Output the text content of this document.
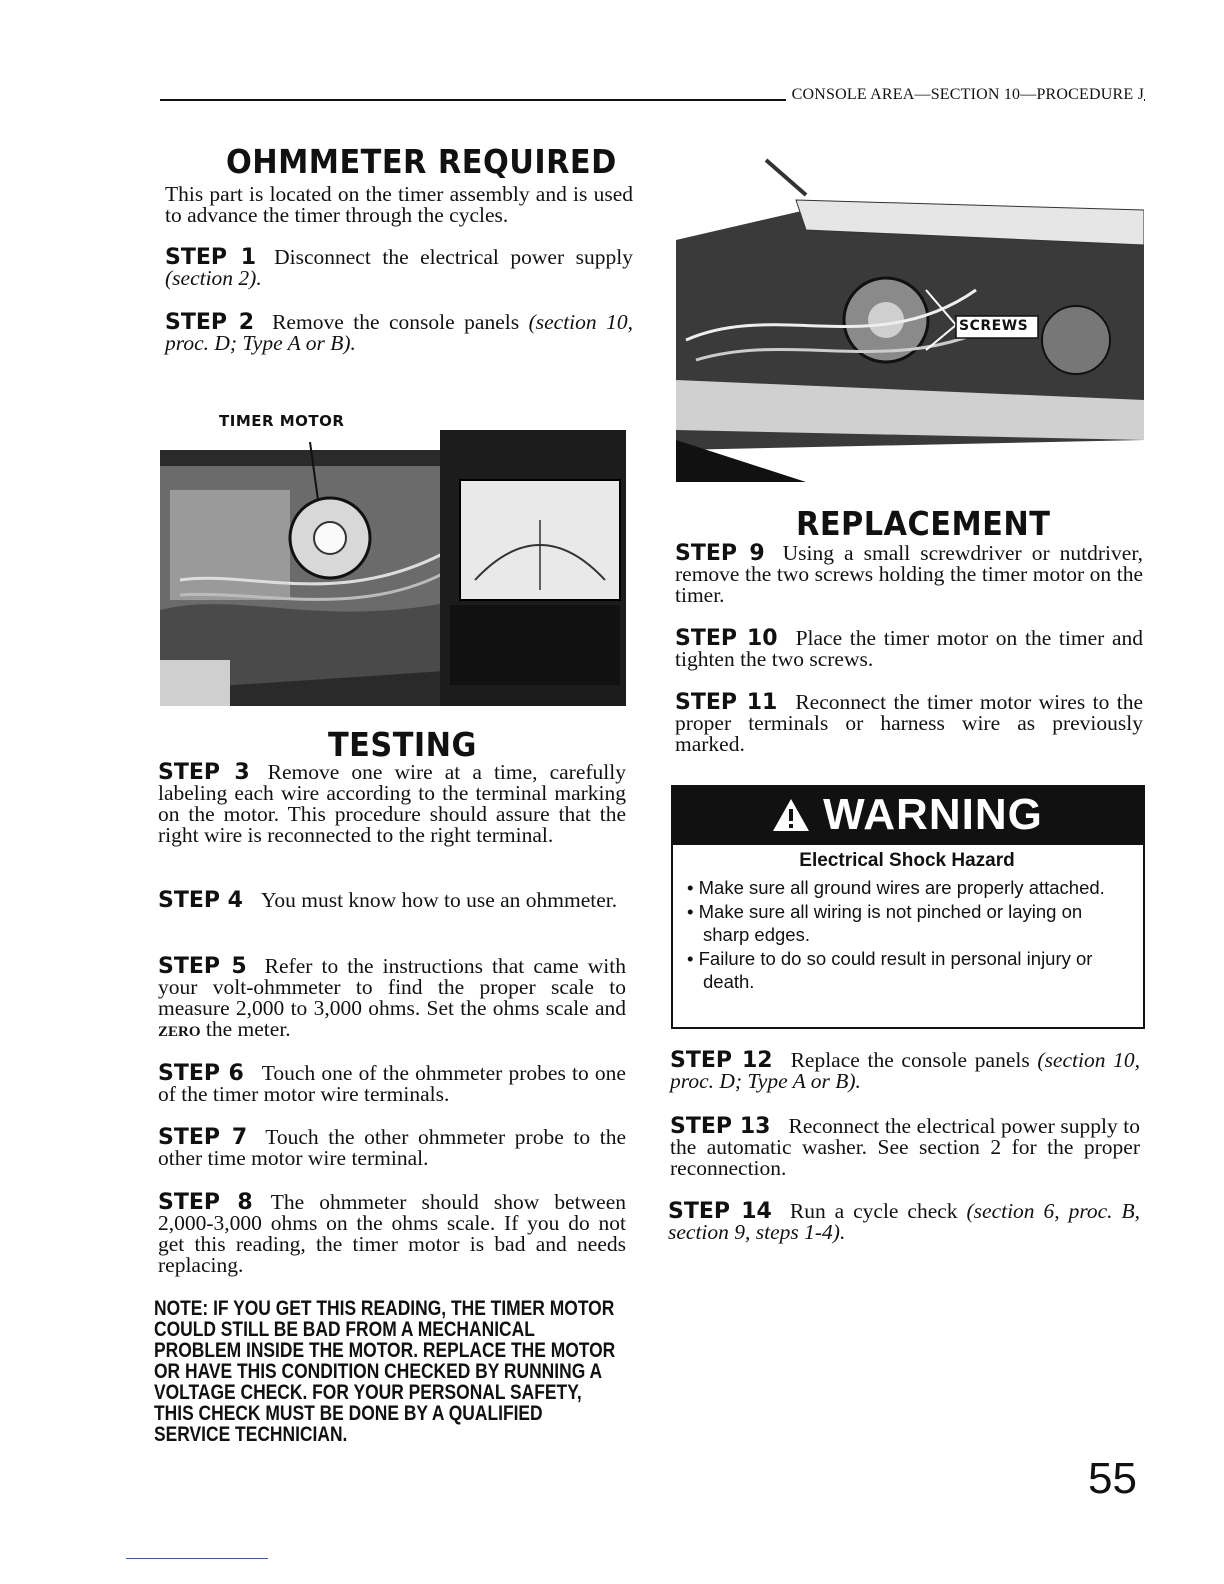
CONSOLE AREA—SECTION 10—PROCEDURE J
OHMMETER REQUIRED
This part is located on the timer assembly and is used to advance the timer through the cycles.

STEP 1 Disconnect the electrical power supply (section 2).

STEP 2 Remove the console panels (section 10, proc. D; Type A or B).

TIMER MOTOR
TESTING

STEP 3 Remove one wire at a time, carefully labeling each wire according to the terminal marking on the motor. This procedure should assure that the right wire is reconnected to the right terminal.

STEP 4 You must know how to use an ohmmeter.

STEP 5 Refer to the instructions that came with your volt-ohmmeter to find the proper scale to measure 2,000 to 3,000 ohms. Set the ohms scale and ZERO the meter.

STEP 6 Touch one of the ohmmeter probes to one of the timer motor wire terminals.

STEP 7 Touch the other ohmmeter probe to the other time motor wire terminal.

STEP 8 The ohmmeter should show between 2,000-3,000 ohms on the ohms scale. If you do not get this reading, the timer motor is bad and needs replacing.

NOTE: IF YOU GET THIS READING, THE TIMER MOTOR COULD STILL BE BAD FROM A MECHANICAL PROBLEM INSIDE THE MOTOR. REPLACE THE MOTOR OR HAVE THIS CONDITION CHECKED BY RUNNING A VOLTAGE CHECK. FOR YOUR PERSONAL SAFETY, THIS CHECK MUST BE DONE BY A QUALIFIED SERVICE TECHNICIAN.
SCREWS
REPLACEMENT

STEP 9 Using a small screwdriver or nutdriver, remove the two screws holding the timer motor on the timer.

STEP 10 Place the timer motor on the timer and tighten the two screws.

STEP 11 Reconnect the timer motor wires to the proper terminals or harness wire as previously marked.

WARNING
Electrical Shock Hazard
• Make sure all ground wires are properly attached.
• Make sure all wiring is not pinched or laying on sharp edges.
• Failure to do so could result in personal injury or death.

STEP 12 Replace the console panels (section 10, proc. D; Type A or B).

STEP 13 Reconnect the electrical power supply to the automatic washer. See section 2 for the proper reconnection.

STEP 14 Run a cycle check (section 6, proc. B, section 9, steps 1-4).

55
